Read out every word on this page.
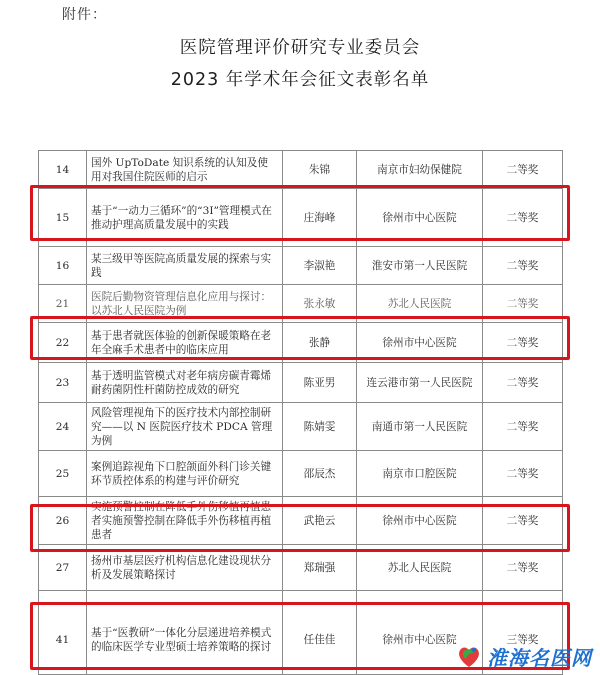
附件：
医院管理评价研究专业委员会
2023 年学术年会征文表彰名单
14	国外 UpToDate 知识系统的认知及使用对我国住院医师的启示	朱锦	南京市妇幼保健院	二等奖
15	基于“一动力三循环”的“3I”管理模式在推动护理高质量发展中的实践	庄海峰	徐州市中心医院	二等奖
16	某三级甲等医院高质量发展的探索与实践	李淑艳	淮安市第一人民医院	二等奖
21	医院后勤物资管理信息化应用与探讨：以苏北人民医院为例	张永敏	苏北人民医院	二等奖
22	基于患者就医体验的创新保暖策略在老年全麻手术患者中的临床应用	张静	徐州市中心医院	二等奖
23	基于透明监管模式对老年病房碳青霉烯耐药菌阴性杆菌防控成效的研究	陈亚男	连云港市第一人民医院	二等奖
24	风险管理视角下的医疗技术内部控制研究——以 N 医院医疗技术 PDCA 管理为例	陈婧雯	南通市第一人民医院	二等奖
25	案例追踪视角下口腔颌面外科门诊关键环节质控体系的构建与评价研究	邵辰杰	南京市口腔医院	二等奖
26	实施预警控制在降低手外伤移植再植患者实施预警控制在降低手外伤移植再植患者	武艳云	徐州市中心医院	二等奖
27	扬州市基层医疗机构信息化建设现状分析及发展策略探讨	郑瑞强	苏北人民医院	二等奖

41	基于“医教研”一体化分层递进培养模式的临床医学专业型硕士培养策略的探讨	任佳佳	徐州市中心医院	三等奖

淮海名医网
